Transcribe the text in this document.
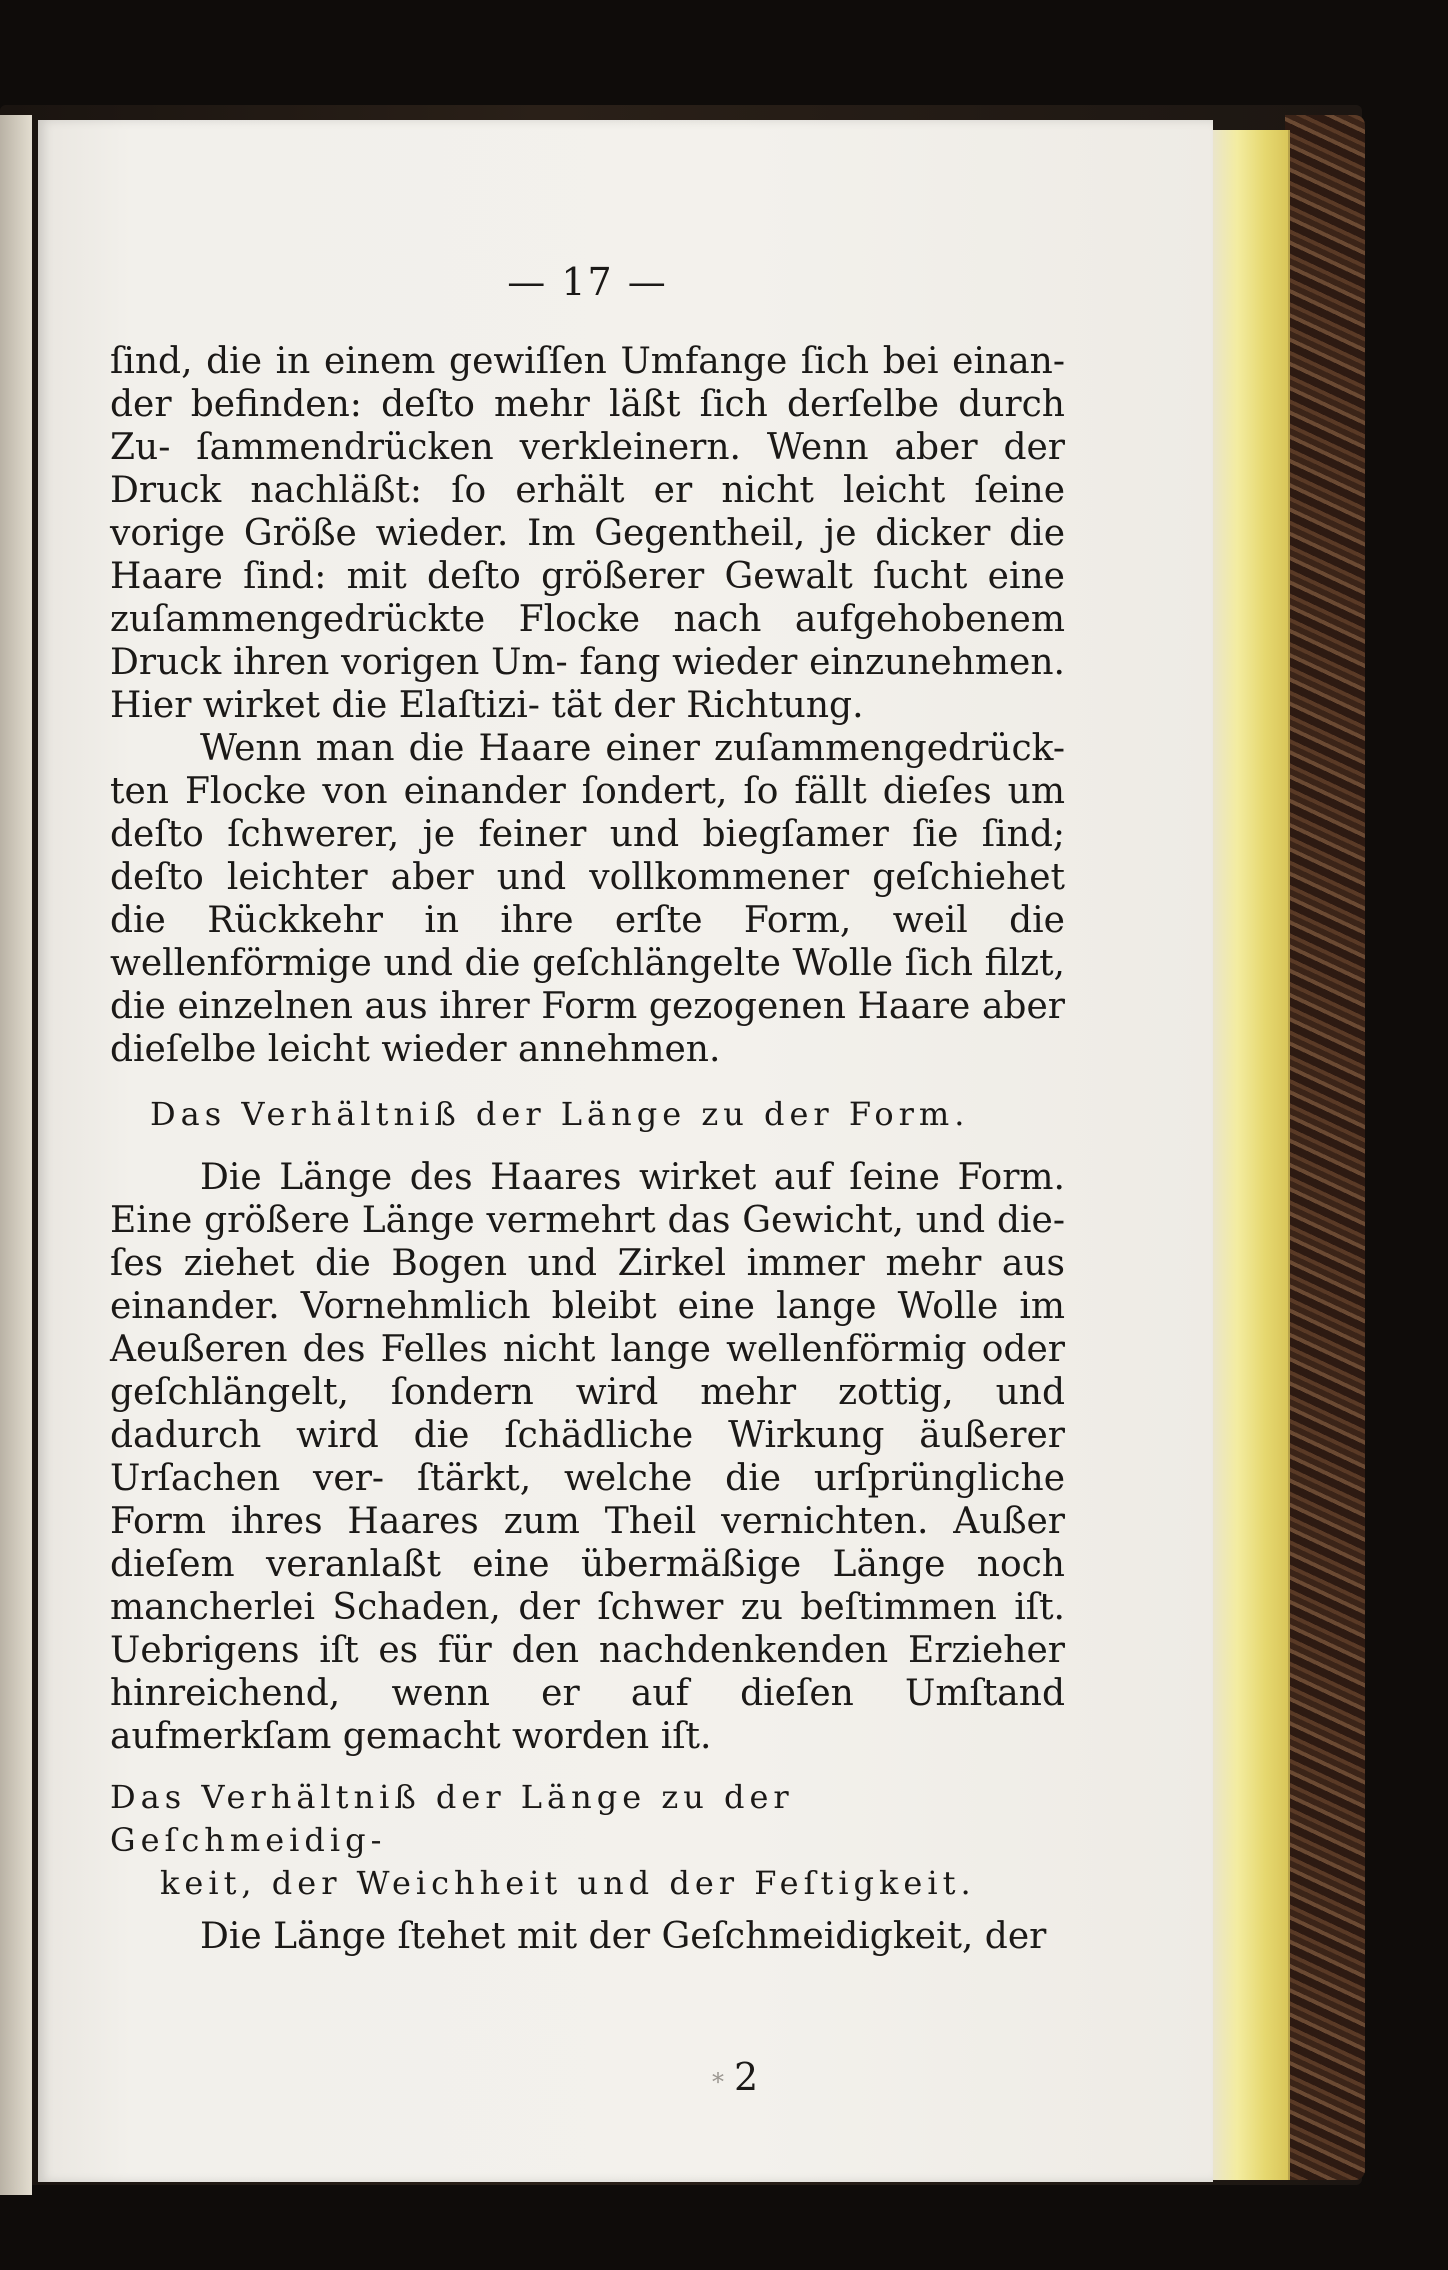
— 17 —

ſind, die in einem gewiſſen Umfange ſich bei einan- der befinden: deſto mehr läßt ſich derſelbe durch Zu- ſammendrücken verkleinern. Wenn aber der Druck nachläßt: ſo erhält er nicht leicht ſeine vorige Größe wieder. Im Gegentheil, je dicker die Haare ſind: mit deſto größerer Gewalt ſucht eine zuſammengedrückte Flocke nach aufgehobenem Druck ihren vorigen Um- fang wieder einzunehmen. Hier wirket die Elaſtizi- tät der Richtung.

Wenn man die Haare einer zuſammengedrück- ten Flocke von einander ſondert, ſo fällt dieſes um deſto ſchwerer, je feiner und biegſamer ſie ſind; deſto leichter aber und vollkommener geſchiehet die Rückkehr in ihre erſte Form, weil die wellenförmige und die geſchlängelte Wolle ſich filzt, die einzelnen aus ihrer Form gezogenen Haare aber dieſelbe leicht wieder annehmen.

Das Verhältniß der Länge zu der Form.

Die Länge des Haares wirket auf ſeine Form. Eine größere Länge vermehrt das Gewicht, und die- ſes ziehet die Bogen und Zirkel immer mehr aus einander. Vornehmlich bleibt eine lange Wolle im Aeußeren des Felles nicht lange wellenförmig oder geſchlängelt, ſondern wird mehr zottig, und dadurch wird die ſchädliche Wirkung äußerer Urſachen ver- ſtärkt, welche die urſprüngliche Form ihres Haares zum Theil vernichten. Außer dieſem veranlaßt eine übermäßige Länge noch mancherlei Schaden, der ſchwer zu beſtimmen iſt. Uebrigens iſt es für den nachdenkenden Erzieher hinreichend, wenn er auf dieſen Umſtand aufmerkſam gemacht worden iſt.

Das Verhältniß der Länge zu der Geſchmeidig-
keit, der Weichheit und der Feſtigkeit.

Die Länge ſtehet mit der Geſchmeidigkeit, der

* 2
